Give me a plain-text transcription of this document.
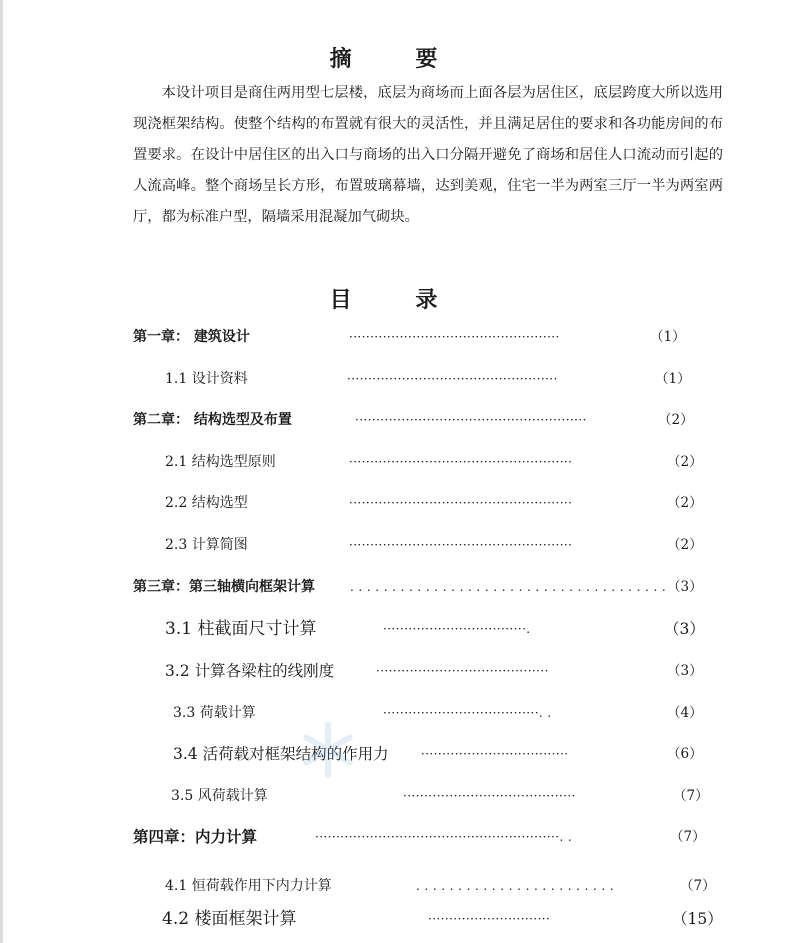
摘 要

本设计项目是商住两用型七层楼，底层为商场而上面各层为居住区，底层跨度大所以选用现浇框架结构。使整个结构的布置就有很大的灵活性，并且满足居住的要求和各功能房间的布置要求。在设计中居住区的出入口与商场的出入口分隔开避免了商场和居住人口流动而引起的人流高峰。整个商场呈长方形，布置玻璃幕墙，达到美观，住宅一半为两室三厅一半为两室两厅，都为标准户型，隔墙采用混凝加气砌块。

目 录
第一章： 建筑设计	··················································	（1）
1.1 设计资料	··················································	（1）
第二章： 结构选型及布置	·······················································	（2）
2.1 结构选型原则	·····················································	（2）
2.2 结构选型	·····················································	（2）
2.3 计算简图	·····················································	（2）
第三章：第三轴横向框架计算	. . . . . . . . . . . . . . . . . . . . . . . . . . . . . . . . . . . . . . （3）
3.1 柱截面尺寸计算	··································.	（3）
3.2 计算各梁柱的线刚度	·········································	（3）
3.3 荷载计算	·····································. .	（4）
3.4 活荷载对框架结构的作用力	···································	（6）
3.5 风荷载计算	·········································	（7）
第四章：内力计算	··························································. .	（7）
4.1 恒荷载作用下内力计算	. . . . . . . . . . . . . . . . . . . . . . . .	（7）
4.2 楼面框架计算	·····························	（15）
